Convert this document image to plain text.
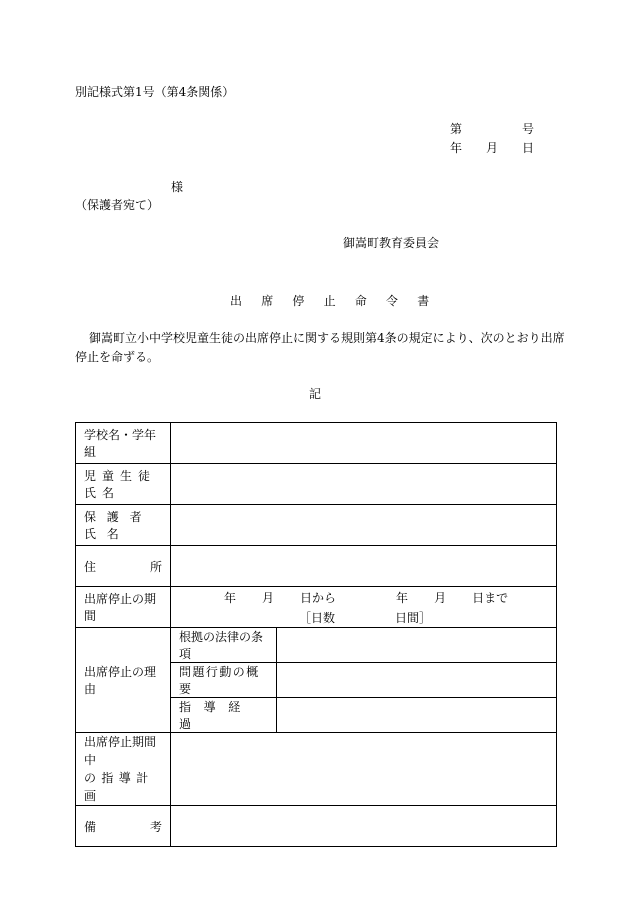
別記様式第1号（第4条関係）
第	号
年 月 日
様
（保護者宛て）
御嵩町教育委員会
出席停止命令書
御嵩町立小中学校児童生徒の出席停止に関する規則第4条の規定により、次のとおり出席
停止を命ずる。
記
学校名・学年組		
児童生徒氏名		
保護者氏名		

住 所		

出席停止の期間	年 月 日から 年 月 日まで
［日数 日間］	

出席停止の理由	根拠の法律の条項	
	問題行動の概要	
	指導経過	

出席停止期間中
の指導計画		

備 考		
